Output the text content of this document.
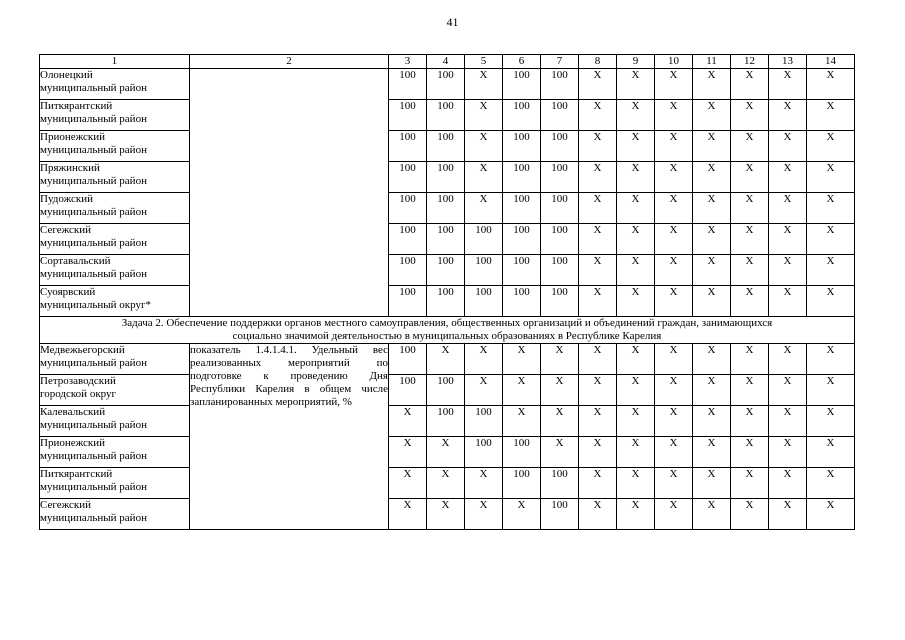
41
1	2	3	4	5	6	7	8	9	10	11	12	13	14

Олонецкий
муниципальный район		100	100	X	100	100	X	X	X	X	X	X	X

Питкярантский
муниципальный район		100	100	X	100	100	X	X	X	X	X	X	X

Прионежский
муниципальный район		100	100	X	100	100	X	X	X	X	X	X	X

Пряжинский
муниципальный район		100	100	X	100	100	X	X	X	X	X	X	X

Пудожский
муниципальный район		100	100	X	100	100	X	X	X	X	X	X	X

Сегежский
муниципальный район		100	100	100	100	100	X	X	X	X	X	X	X

Сортавальский
муниципальный район		100	100	100	100	100	X	X	X	X	X	X	X

Суоярвский
муниципальный округ*		100	100	100	100	100	X	X	X	X	X	X	X

Задача 2. Обеспечение поддержки органов местного самоуправления, общественных организаций и объединений граждан, занимающихся
социально значимой деятельностью в муниципальных образованиях в Республике Карелия													

Медвежьегорский
муниципальный район	показатель 1.4.1.4.1. Удельный вес реализованных мероприятий по подготовке к проведению Дня Республики Карелия в общем числе запланированных мероприятий, %	100	X	X	X	X	X	X	X	X	X	X	X

Петрозаводский
городской округ		100	100	X	X	X	X	X	X	X	X	X	X

Калевальский
муниципальный район		X	100	100	X	X	X	X	X	X	X	X	X

Прионежский
муниципальный район		X	X	100	100	X	X	X	X	X	X	X	X

Питкярантский
муниципальный район		X	X	X	100	100	X	X	X	X	X	X	X

Сегежский
муниципальный район		X	X	X	X	100	X	X	X	X	X	X	X
